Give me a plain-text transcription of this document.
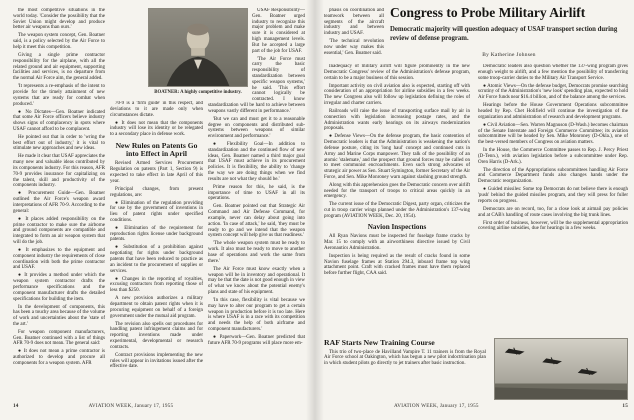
the most competitive situations in the world today. 'Consider the possibility that the Soviet Union might develop and produce better air weapons than ours.'

The weapon system concept, Gen. Boatner said, is a policy selected by the Air Force to help it meet this competition.

Giving a single prime contractor responsibility for the airplane, with all the related ground and air equipment, supporting facilities and services, is no departure from the normal Air Force aim, the general added.

'It represents a re-emphasis of the intent to provide for the timely attainment of new systems that are ready for combat when produced.'

● No Dictates—Gen. Boatner indicated that some Air Force officers believe industry shows signs of complacency in spots where USAF cannot afford to be complacent.

He pointed out that in order to 'wring the best effort out of industry,' it is vital to stimulate new approaches and new ideas.

He made it clear that USAF appreciates the many new and valuable ideas contributed by its components industry. For this reason, AFR 70-9 provides insurance for capitalizing on the talent, skill and productivity of the components industry.

● Procurement Guide—Gen. Boatner outlined the Air Force's weapon award interpretations of AFR 70-9. According to the general:

● It places added responsibility on the prime contractor to make sure the airborne and ground components are compatible and integrated to form an air weapon system that will do the job.

● It emphasizes to the equipment and component industry the requirements of close coordination with both the prime contractor and USAF.

● It provides a method under which the weapon system contractor drafts the performance specifications and the component manufacturer drafts the detailed specifications for building the item.

In the development of components, this has been a touchy area because of the volume of work and uncertainties about the 'state of the art.'

For weapon component manufacturers, Gen. Boatner continued with a list of things AFR 70-9 does not mean. The general said:

● It does not mean a prime contractor is authorized to develop and procure all components for a weapon system. AFR

BOATNER: A highly competitive industry.

70-9 is a 'firm guide' in this respect, and deviations to it are made only when circumstances dictate.

● It does not mean that the components industry will lose its identity or be relegated to a secondary place in defense work.

New Rules on Patents Go into Effect in April

Revised Armed Services Procurement Regulation on patents (Part 1, Section 9) is expected to take effect in late April of this year.

Principal changes, from present regulations, are:

● Elimination of the regulation providing for use by the government of inventions in lieu of patent rights under specified conditions.

● Elimination of the requirement for reproduction rights license under background patents.

● Substitution of a prohibition against negotiating for rights under background patents that have been reduced to practice as an incident to the procurement of supplies or services.

● Changes in the reporting of royalties, excusing contractors from reporting those of less than $250.

A new provision authorizes a military department to obtain patent rights when it is procuring equipment on behalf of a foreign government under the mutual aid program.

The revision also spells out procedures for handling patent infringement claims and for reporting inventions made under experimental, developmental or research contracts.

Contract provisions implementing the new rules will appear in invitations issued after the effective date.

USAF Responsibility—Gen. Boatner urged industry to recognize this major problem and make sure it is considered at high management levels. But he accepted a large part of the job for USAF.

'The Air Force must carry the basic responsibility of standardization between specific weapon systems,' he said. 'This effort cannot logically be contracted. I know standardization will be hard to achieve between weapons vastly different in performance.'

'But we can and must get it to a reasonable degree on components and distributed sub-systems between weapons of similar environment and performance.'

● Flexibility Goal—In addition to standardization and the continued flow of new ideas, Gen. Boatner named a third major goal that USAF must achieve in its procurement policies. It is flexibility, the ability to 'change the way we are doing things when we find results are not what they should be.'

Prime reason for this, he said, is the importance of time to USAF in all its operations.

Gen. Boatner pointed out that Strategic Air Command and Air Defense Command, for example, never can delay about going into action. 'In case of attack,' he said, 'they must be ready to go and we intend that the weapon system concept will help give us that readiness.'

'The whole weapon system must be ready to work. It also must be ready to move to another base of operations and work the same from there.'

The Air Force must know exactly when a weapon will be in inventory and operational. It may be that the date is not good enough in view of what we know about the potential enemy's plans and state of his equipment.

'In this case, flexibility is vital because we may have to alter our program to get a certain weapon in production before it is too late. Here is where USAF is in a race with its competition and needs the help of both airframe and component manufacturers.'

● Paperwork—Gen. Boatner predicted that future AFR 70-9 programs will place more em-

14	AVIATION WEEK, January 17, 1955

phasis on coordination and teamwork between all segments of the aircraft industry and between industry and USAF.

'The technical revolution now under way makes this essential,' Gen. Boatner said.

Congress to Probe Military Airlift

Democratic majority will question adequacy of USAF transport section during review of defense program.

By Katherine Johnsen

Inadequacy of military airlift will figure prominently in the new Democratic Congress' review of the Administration's defense program, certain to be a major business of this session.

Important activity on civil aviation also is expected, starting off with consideration of an appropriation for airline subsidies in a few weeks. The new Congress also will follow up legislation defining the roles of irregular and charter carriers.

Railroads will raise the issue of transporting surface mail by air in connection with legislation increasing postage rates, and the Administration wants early hearings on its airways modernization proposals.

● Defense Views—On the defense program, the basic contention of Democratic leaders is that the Administration is weakening the nation's defense posture, citing its 'long haul' concept and continued cuts in Army and Marine Corps manpower. They talk of the possibility of an atomic 'stalemate,' and the prospect that ground forces may be called on to meet communist encroachments. Even such strong advocates of strategic air power as Sen. Stuart Symington, former Secretary of the Air Force, and Sen. Mike Monroney warn against slashing ground strength.

Along with this apprehension goes the Democratic concern over airlift needed for the transport of troops to critical areas quickly in an emergency.

The current issue of the Democratic Digest, party organ, criticizes the cut in troop carrier wings planned under the Administration's 137-wing program (AVIATION WEEK, Dec. 20, 1954).

Navion Inspections

All Ryan Navions must be inspected for fuselage frame cracks by Mar. 15 to comply with an airworthiness directive issued by Civil Aeronautics Administration.

Inspection is being required as the result of cracks found in some Navion fuselage frames at Station 294.3, inboard frame top wing attachment point. Craft with cracked frames must have them replaced before further flight, CAA said.

Democratic leaders also question whether the 137-wing program gives enough weight to airlift, and a few mention the possibility of transferring some troop-carrier duties to the Military Air Transport Service.

● Atomic Views—On the defense budget, Democrats promise searching scrutiny of the Administration's 'new look' spending plan, expected to hold Air Force funds near $16.4 billion, and of the balance among the services.

Hearings before the House Government Operations subcommittee headed by Rep. Chet Holifield will continue the investigation of the organization and administration of research and development programs.

● Civil Aviation—Sen. Warren Magnuson (D-Wash.) becomes chairman of the Senate Interstate and Foreign Commerce Committee; its aviation subcommittee will be headed by Sen. Mike Monroney (D-Okla.), one of the best-versed members of Congress on aviation matters.

In the House, the Commerce Committee passes to Rep. J. Percy Priest (D-Tenn.), with aviation legislation before a subcommittee under Rep. Oren Harris (D-Ark.).

The direction of the Appropriations subcommittees handling Air Force and Commerce Department funds also changes hands under the Democratic reorganization.

● Guided missiles: Some top Democrats do not believe there is enough 'push' behind the guided missiles program, and they will press for fuller reports on progress.

Democrats are on record, too, for a close look at airmail pay policies and at CAB's handling of route cases involving the big trunk lines.

First order of business, however, will be the supplemental appropriation covering airline subsidies, due for hearings in a few weeks.

RAF Starts New Training Course

This trio of two-place de Havilland Vampire T. 11 trainers is from the Royal Air Force school at Oakington, which has begun a new pilot indoctrination plan in which student pilots go directly to jet trainers after basic instruction.

AVIATION WEEK, January 17, 1955	15
